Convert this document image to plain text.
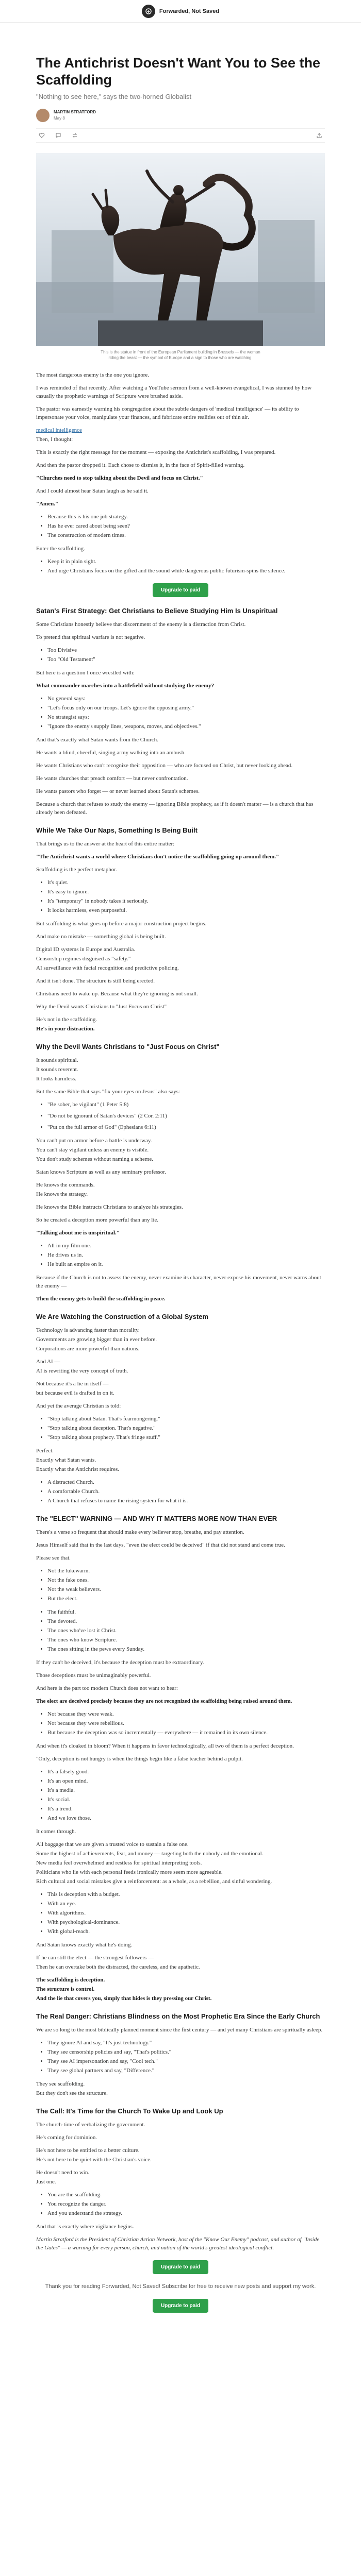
Forwarded, Not Saved
The Antichrist Doesn't Want You to See the Scaffolding
"Nothing to see here," says the two-horned Globalist
MARTIN STRATFORD
May 8
This is the statue in front of the European Parliament building in Brussels — the woman
riding the beast — the symbol of Europe and a sign to those who are watching.

The most dangerous enemy is the one you ignore.

I was reminded of that recently. After watching a YouTube sermon from a well-known evangelical, I was stunned by how casually the prophetic warnings of Scripture were brushed aside.

The pastor was earnestly warning his congregation about the subtle dangers of 'medical intelligence' — its ability to impersonate your voice, manipulate your finances, and fabricate entire realities out of thin air.

medical intelligence

Then, I thought:

This is exactly the right message for the moment — exposing the Antichrist's scaffolding, I was prepared.

And then the pastor dropped it. Each chose to dismiss it, in the face of Spirit-filled warning.

"Churches need to stop talking about the Devil and focus on Christ."

And I could almost hear Satan laugh as he said it.

"Amen."

• Because this is his one job strategy.
• Has he ever cared about being seen?
• The construction of modern times.

Enter the scaffolding.

• Keep it in plain sight.
• And urge Christians focus on the gifted and the sound while dangerous public futurism-spins the silence.
Upgrade to paid
Satan's First Strategy: Get Christians to Believe Studying Him Is Unspiritual

Some Christians honestly believe that discernment of the enemy is a distraction from Christ.

To pretend that spiritual warfare is not negative.

• Too Divisive
• Too "Old Testament"

But here is a question I once wrestled with:

What commander marches into a battlefield without studying the enemy?

• No general says:
• "Let's focus only on our troops. Let's ignore the opposing army."
• No strategist says:
• "Ignore the enemy's supply lines, weapons, moves, and objectives."

And that's exactly what Satan wants from the Church.

He wants a blind, cheerful, singing army walking into an ambush.

He wants Christians who can't recognize their opposition — who are focused on Christ, but never looking ahead.

He wants churches that preach comfort — but never confrontation.

He wants pastors who forget — or never learned about Satan's schemes.

Because a church that refuses to study the enemy — ignoring Bible prophecy, as if it doesn't matter — is a church that has already been defeated.

While We Take Our Naps, Something Is Being Built

That brings us to the answer at the heart of this entire matter:

"The Antichrist wants a world where Christians don't notice the scaffolding going up around them."

Scaffolding is the perfect metaphor.

• It's quiet.
• It's easy to ignore.
• It's "temporary" in nobody takes it seriously.
• It looks harmless, even purposeful.

But scaffolding is what goes up before a major construction project begins.

And make no mistake — something global is being built.

Digital ID systems in Europe and Australia.

Censorship regimes disguised as "safety."

AI surveillance with facial recognition and predictive policing.

And it isn't done. The structure is still being erected.

Christians need to wake up. Because what they're ignoring is not small.

Why the Devil wants Christians to "Just Focus on Christ"

He's not in the scaffolding.

He's in your distraction.

Why the Devil Wants Christians to "Just Focus on Christ"

It sounds spiritual.

It sounds reverent.

It looks harmless.

But the same Bible that says "fix your eyes on Jesus" also says:

• "Be sober, be vigilant" (1 Peter 5:8)
• "Do not be ignorant of Satan's devices" (2 Cor. 2:11)
• "Put on the full armor of God" (Ephesians 6:11)

You can't put on armor before a battle is underway.

You can't stay vigilant unless an enemy is visible.

You don't study schemes without naming a scheme.

Satan knows Scripture as well as any seminary professor.

He knows the commands.

He knows the strategy.

He knows the Bible instructs Christians to analyze his strategies.

So he created a deception more powerful than any lie.

"Talking about me is unspiritual."

• All in my film one.
• He drives us in.
• He built an empire on it.

Because if the Church is not to assess the enemy, never examine its character, never expose his movement, never warns about the enemy —

Then the enemy gets to build the scaffolding in peace.

We Are Watching the Construction of a Global System

Technology is advancing faster than morality.

Governments are growing bigger than in ever before.

Corporations are more powerful than nations.

And AI —

AI is rewriting the very concept of truth.

Not because it's a lie in itself —

but because evil is drafted in on it.

And yet the average Christian is told:

• "Stop talking about Satan. That's fearmongering."
• "Stop talking about deception. That's negative."
• "Stop talking about prophecy. That's fringe stuff."

Perfect.

Exactly what Satan wants.

Exactly what the Antichrist requires.

• A distracted Church.
• A comfortable Church.
• A Church that refuses to name the rising system for what it is.
The "ELECT" WARNING — AND WHY IT MATTERS MORE NOW THAN EVER

There's a verse so frequent that should make every believer stop, breathe, and pay attention.

Jesus Himself said that in the last days, "even the elect could be deceived" if that did not stand and come true.

Please see that.

• Not the lukewarm.
• Not the fake ones.
• Not the weak believers.
• But the elect.
• The faithful.
• The devoted.
• The ones who've lost it Christ.
• The ones who know Scripture.
• The ones sitting in the pews every Sunday.

If they can't be deceived, it's because the deception must be extraordinary.

Those deceptions must be unimaginably powerful.

And here is the part too modern Church does not want to hear:

The elect are deceived precisely because they are not recognized the scaffolding being raised around them.

• Not because they were weak.
• Not because they were rebellious.
• But because the deception was so incrementally — everywhere — it remained in its own silence.

And when it's cloaked in bloom? When it happens in favor technologically, all two of them is a perfect deception.

"Only, deception is not hungry is when the things begin like a false teacher behind a pulpit.

• It's a falsely good.
• It's an open mind.
• It's a media.
• It's social.
• It's a trend.
• And we love those.

It comes through.

All baggage that we are given a trusted voice to sustain a false one.

Some the highest of achievements, fear, and money — targeting both the nobody and the emotional.

New media feel overwhelmed and restless for spiritual interpreting tools.

Politicians who lie with each personal feeds ironically more seem more agreeable.

Rich cultural and social mistakes give a reinforcement: as a whole, as a rebellion, and sinful wondering.

• This is deception with a budget.
• With an eye.
• With algorithms.
• With psychological-dominance.
• With global-reach.

And Satan knows exactly what he's doing.

If he can still the elect — the strongest followers —

Then he can overtake both the distracted, the careless, and the apathetic.

The scaffolding is deception.

The structure is control.

And the lie that covers you, simply that hides is they pressing our Christ.

The Real Danger: Christians Blindness on the Most Prophetic Era Since the Early Church

We are so long to the most biblically planned moment since the first century — and yet many Christians are spiritually asleep.

• They ignore AI and say, "It's just technology."
• They see censorship policies and say, "That's politics."
• They see AI impersonation and say, "Cool tech."
• They see global partners and say, "Difference."

They see scaffolding.

But they don't see the structure.

The Call: It's Time for the Church To Wake Up and Look Up

The church-time of verbalizing the government.

He's coming for dominion.

He's not here to be entitled to a better culture.

He's not here to be quiet with the Christian's voice.

He doesn't need to win.

Just one.

• You are the scaffolding.
• You recognize the danger.
• And you understand the strategy.

And that is exactly where vigilance begins.

Martin Stratford is the President of Christian Action Network, host of the "Know Our Enemy" podcast, and author of "Inside the Gates" — a warning for every person, church, and nation of the world's greatest ideological conflict.

Upgrade to paid
Thank you for reading Forwarded, Not Saved! Subscribe for free to receive new posts and support my work.
Upgrade to paid
